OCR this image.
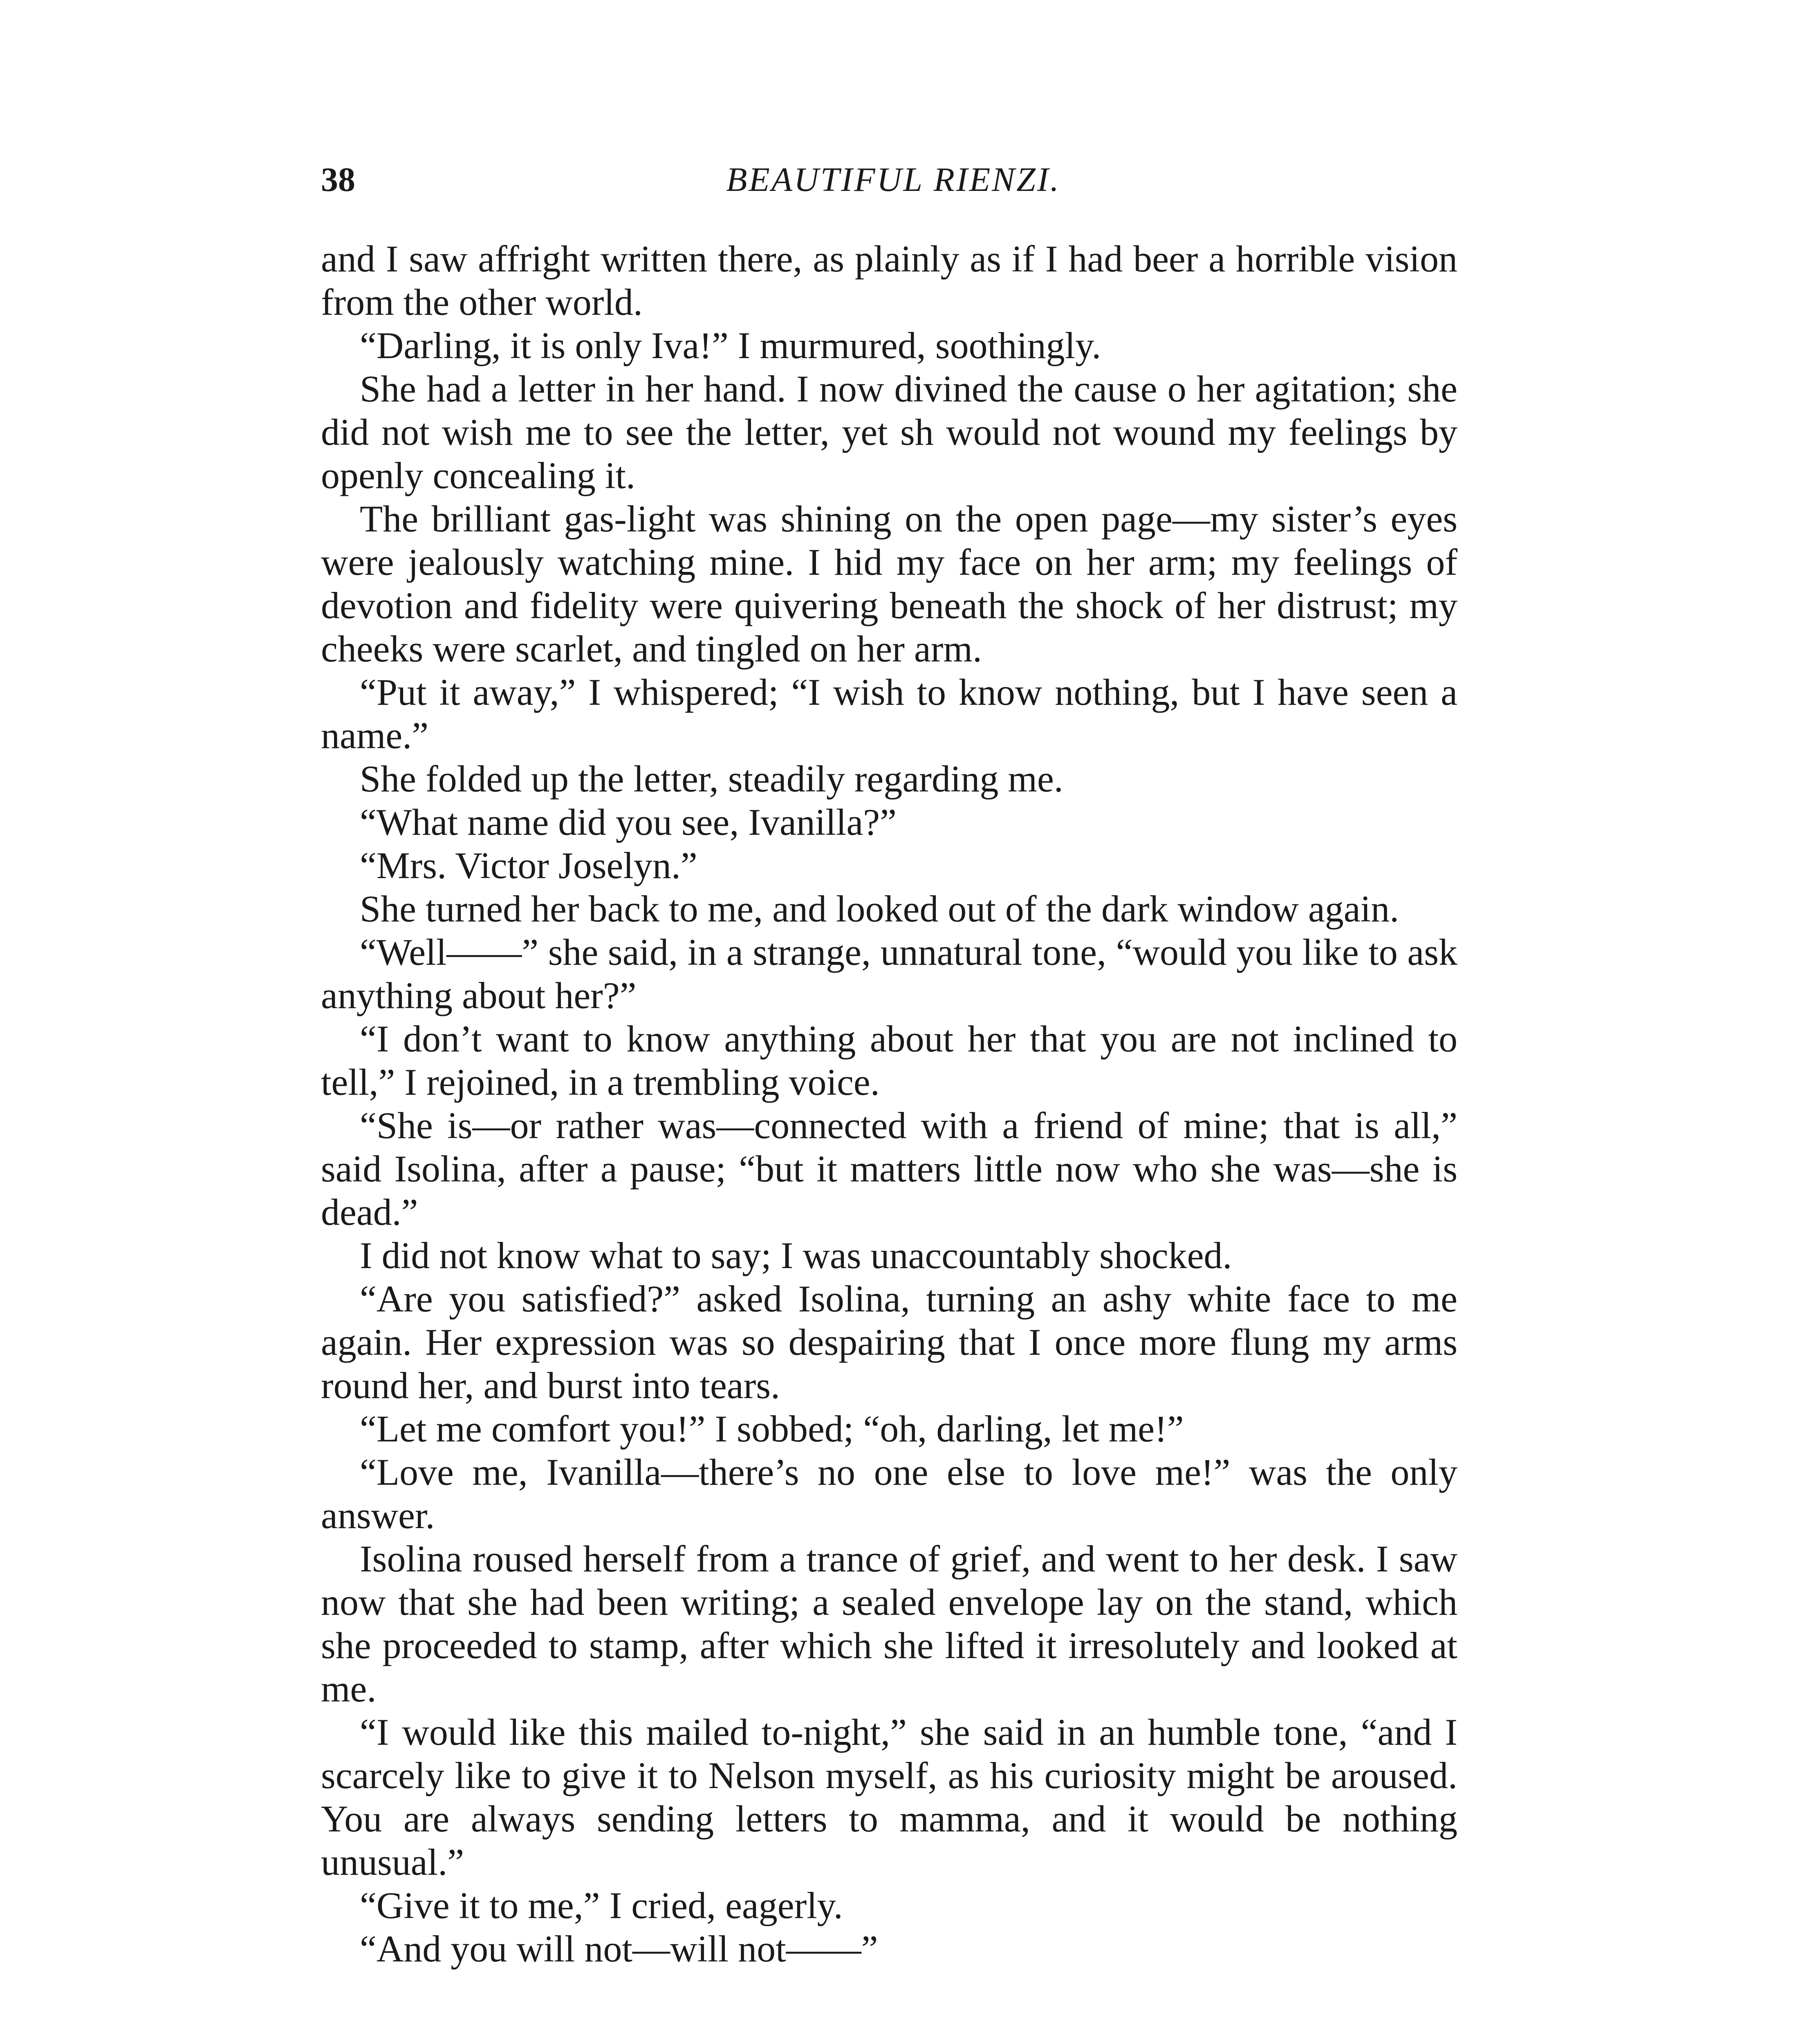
38	BEAUTIFUL RIENZI.

and I saw affright written there, as plainly as if I had beer a horrible vision from the other world.

“Darling, it is only Iva!” I murmured, soothingly.

She had a letter in her hand. I now divined the cause o her agitation; she did not wish me to see the letter, yet sh would not wound my feelings by openly concealing it.

The brilliant gas-light was shining on the open page—my sister’s eyes were jealously watching mine. I hid my face on her arm; my feelings of devotion and fidelity were quivering beneath the shock of her distrust; my cheeks were scarlet, and tingled on her arm.

“Put it away,” I whispered; “I wish to know nothing, but I have seen a name.”

She folded up the letter, steadily regarding me.

“What name did you see, Ivanilla?”

“Mrs. Victor Joselyn.”

She turned her back to me, and looked out of the dark window again.

“Well——” she said, in a strange, unnatural tone, “would you like to ask anything about her?”

“I don’t want to know anything about her that you are not inclined to tell,” I rejoined, in a trembling voice.

“She is—or rather was—connected with a friend of mine; that is all,” said Isolina, after a pause; “but it matters little now who she was—she is dead.”

I did not know what to say; I was unaccountably shocked.

“Are you satisfied?” asked Isolina, turning an ashy white face to me again. Her expression was so despairing that I once more flung my arms round her, and burst into tears.

“Let me comfort you!” I sobbed; “oh, darling, let me!”

“Love me, Ivanilla—there’s no one else to love me!” was the only answer.

Isolina roused herself from a trance of grief, and went to her desk. I saw now that she had been writing; a sealed envelope lay on the stand, which she proceeded to stamp, after which she lifted it irresolutely and looked at me.

“I would like this mailed to-night,” she said in an humble tone, “and I scarcely like to give it to Nelson myself, as his curiosity might be aroused. You are always sending letters to mamma, and it would be nothing unusual.”

“Give it to me,” I cried, eagerly.

“And you will not—will not——”
